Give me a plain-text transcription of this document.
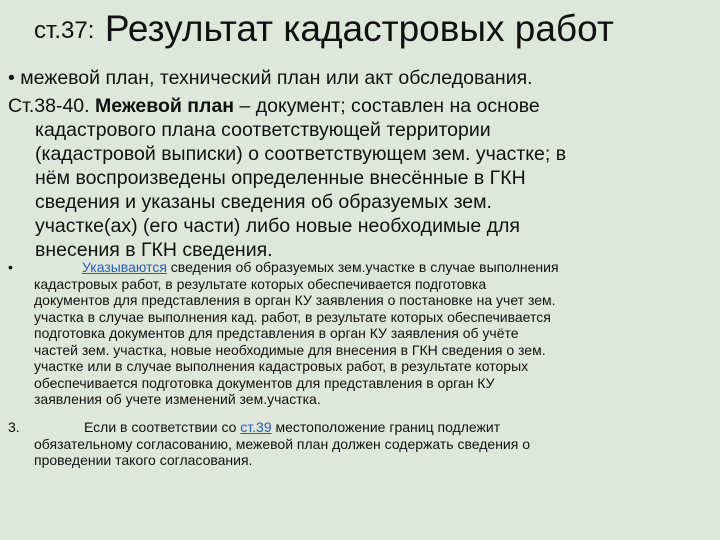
ст.37: Результат кадастровых работ
• межевой план, технический план или акт обследования.
Ст.38-40. Межевой план – документ; составлен на основе
кадастрового плана соответствующей территории
(кадастровой выписки) о соответствующем зем. участке; в
нём воспроизведены определенные внесённые в ГКН
сведения и указаны сведения об образуемых зем.
участке(ах) (его части) либо новые необходимые для
внесения в ГКН сведения.
•	Указываются сведения об образуемых зем.участке в случае выполнения
кадастровых работ, в результате которых обеспечивается подготовка
документов для представления в орган КУ заявления о постановке на учет зем.
участка в случае выполнения кад. работ, в результате которых обеспечивается
подготовка документов для представления в орган КУ заявления об учёте
частей зем. участка, новые необходимые для внесения в ГКН сведения о зем.
участке или в случае выполнения кадастровых работ, в результате которых
обеспечивается подготовка документов для представления в орган КУ
заявления об учете изменений зем.участка.
3.	Если в соответствии со ст.39 местоположение границ подлежит
обязательному согласованию, межевой план должен содержать сведения о
проведении такого согласования.
